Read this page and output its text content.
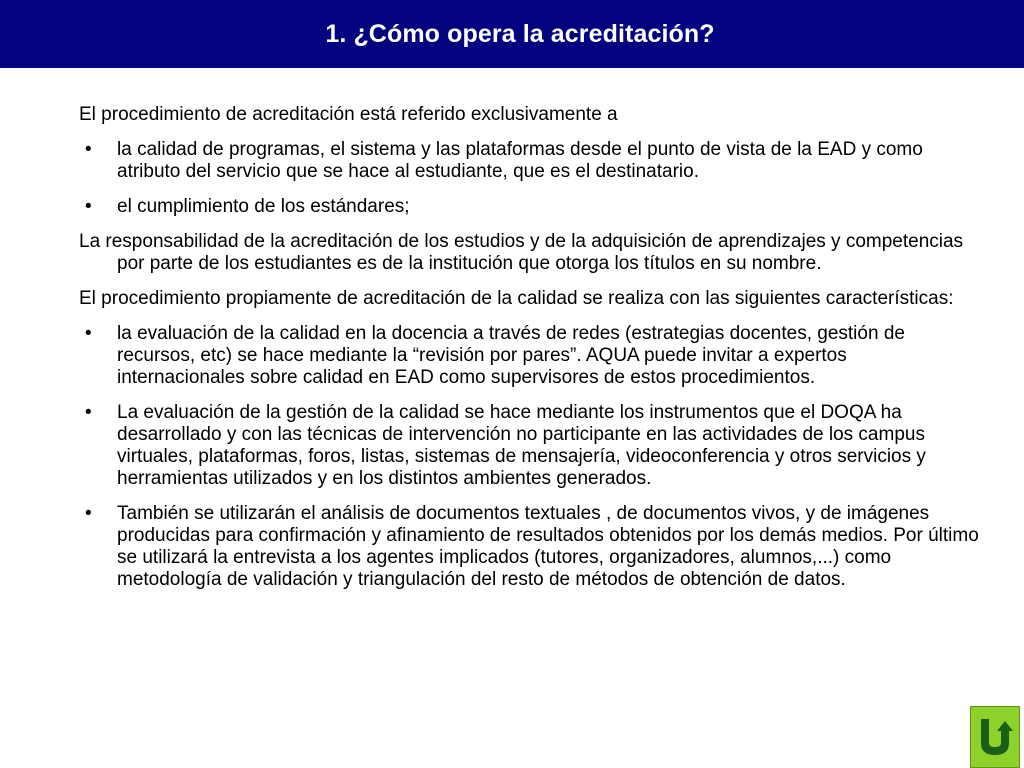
1. ¿Cómo opera la acreditación?

El procedimiento de acreditación está referido exclusivamente a

• la calidad de programas, el sistema y las plataformas desde el punto de vista de la EAD y como atributo del servicio que se hace al estudiante, que es el destinatario.
• el cumplimiento de los estándares;

La responsabilidad de la acreditación de los estudios y de la adquisición de aprendizajes y competencias por parte de los estudiantes es de la institución que otorga los títulos en su nombre.

El procedimiento propiamente de acreditación de la calidad se realiza con las siguientes características:

• la evaluación de la calidad en la docencia a través de redes (estrategias docentes, gestión de recursos, etc) se hace mediante la “revisión por pares”. AQUA puede invitar a expertos internacionales sobre calidad en EAD como supervisores de estos procedimientos.
• La evaluación de la gestión de la calidad se hace mediante los instrumentos que el DOQA ha desarrollado y con las técnicas de intervención no participante en las actividades de los campus virtuales, plataformas, foros, listas, sistemas de mensajería, videoconferencia y otros servicios y herramientas utilizados y en los distintos ambientes generados.
• También se utilizarán el análisis de documentos textuales , de documentos vivos, y de imágenes producidas para confirmación y afinamiento de resultados obtenidos por los demás medios. Por último se utilizará la entrevista a los agentes implicados (tutores, organizadores, alumnos,...) como metodología de validación y triangulación del resto de métodos de obtención de datos.
